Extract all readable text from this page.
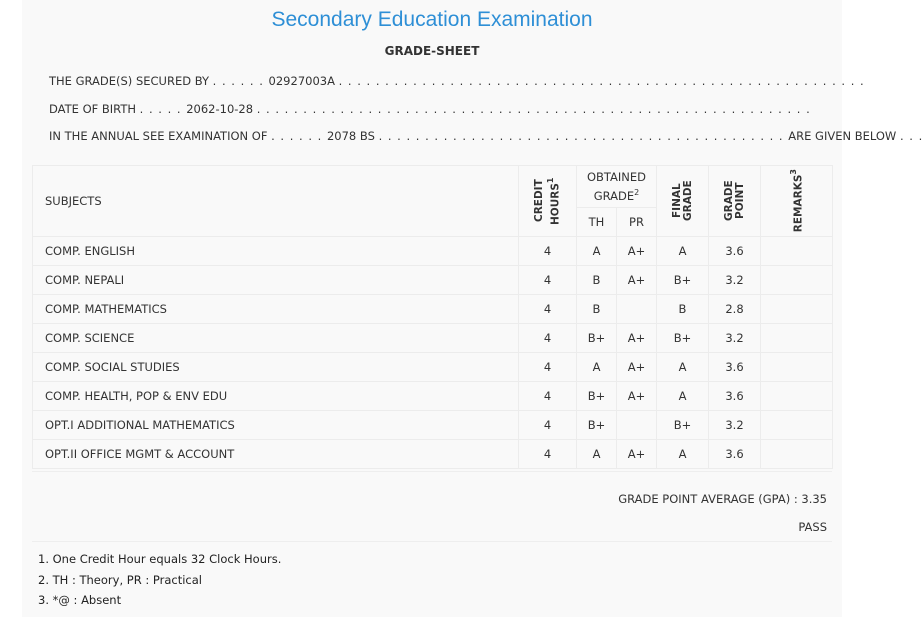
Secondary Education Examination
GRADE-SHEET
THE GRADE(S) SECURED BY . . . . . . 02927003A . . . . . . . . . . . . . . . . . . . . . . . . . . . . . . . . . . . . . . . . . . . . . . . . . . . . . . . . .
DATE OF BIRTH . . . . . 2062-10-28 . . . . . . . . . . . . . . . . . . . . . . . . . . . . . . . . . . . . . . . . . . . . . . . . . . . . . . . . . . . .
IN THE ANNUAL SEE EXAMINATION OF . . . . . . 2078 BS . . . . . . . . . . . . . . . . . . . . . . . . . . . . . . . . . . . . . . . . . . . . ARE GIVEN BELOW . . .
SUBJECTS	CREDIT HOURS$^1$	OBTAINED GRADE$^2$		FINAL GRADE	GRADE POINT	REMARKS$^3$

		TH	PR			
COMP. ENGLISH	4	A	A+	A	3.6	
COMP. NEPALI	4	B	A+	B+	3.2	
COMP. MATHEMATICS	4	B		B	2.8	
COMP. SCIENCE	4	B+	A+	B+	3.2	
COMP. SOCIAL STUDIES	4	A	A+	A	3.6	
COMP. HEALTH, POP & ENV EDU	4	B+	A+	A	3.6	
OPT.I ADDITIONAL MATHEMATICS	4	B+		B+	3.2	
OPT.II OFFICE MGMT & ACCOUNT	4	A	A+	A	3.6	
GRADE POINT AVERAGE (GPA) : 3.35
PASS
1. One Credit Hour equals 32 Clock Hours.
2. TH : Theory, PR : Practical
3. *@ : Absent
